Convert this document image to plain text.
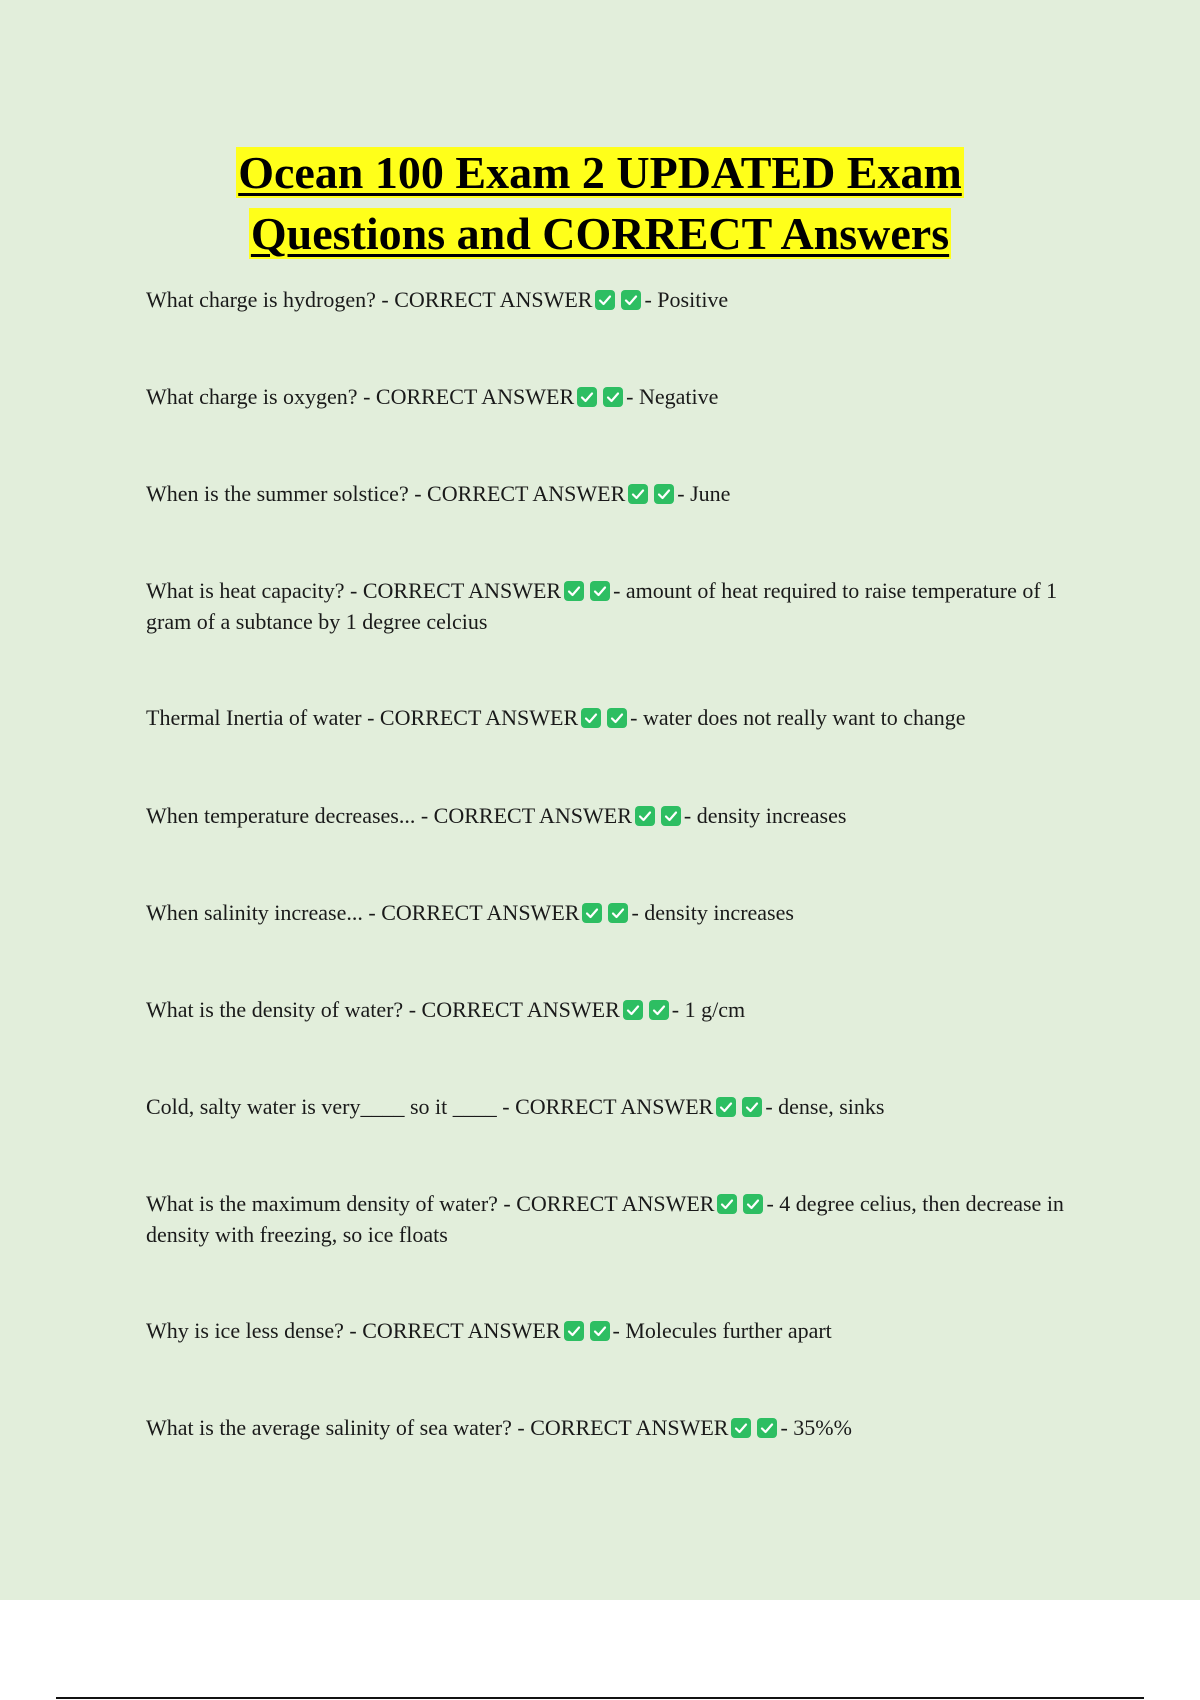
Ocean 100 Exam 2 UPDATED Exam
Questions and CORRECT Answers
What charge is hydrogen? - CORRECT ANSWER - Positive
What charge is oxygen? - CORRECT ANSWER - Negative
When is the summer solstice? - CORRECT ANSWER - June
What is heat capacity? - CORRECT ANSWER - amount of heat required to raise temperature of 1 gram of a subtance by 1 degree celcius
Thermal Inertia of water - CORRECT ANSWER - water does not really want to change
When temperature decreases... - CORRECT ANSWER - density increases
When salinity increase... - CORRECT ANSWER - density increases
What is the density of water? - CORRECT ANSWER - 1 g/cm
Cold, salty water is very____ so it ____ - CORRECT ANSWER - dense, sinks
What is the maximum density of water? - CORRECT ANSWER - 4 degree celius, then decrease in density with freezing, so ice floats
Why is ice less dense? - CORRECT ANSWER - Molecules further apart
What is the average salinity of sea water? - CORRECT ANSWER - 35%%
